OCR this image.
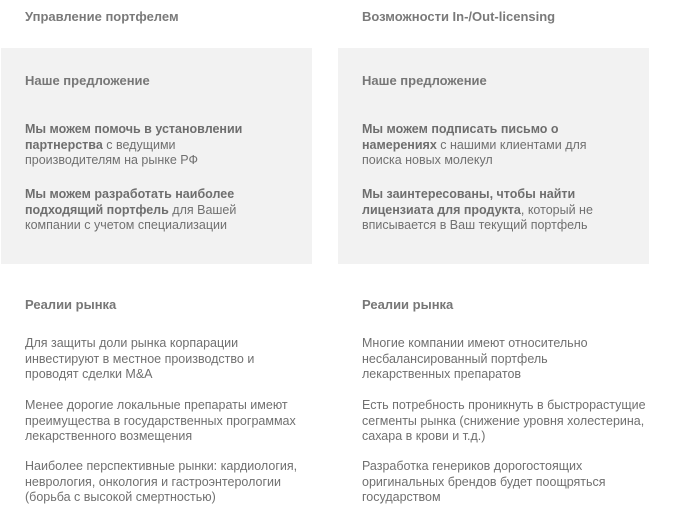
Управление портфелем
Наше предложение
Мы можем помочь в установлении партнерства с ведущими производителям на рынке РФ
Мы можем разработать наиболее подходящий портфель для Вашей компании с учетом специализации
Реалии рынка
Для защиты доли рынка корпарации инвестируют в местное производство и проводят сделки M&A
Менее дорогие локальные препараты имеют преимущества в государственных программах лекарственного возмещения
Наиболее перспективные рынки: кардиология, неврология, онкология и гастроэнтерологии (борьба с высокой смертностью)
Возможности In-/Out-licensing
Наше предложение
Мы можем подписать письмо о намерениях с нашими клиентами для поиска новых молекул
Мы заинтересованы, чтобы найти лицензиата для продукта, который не вписывается в Ваш текущий портфель
Реалии рынка
Многие компании имеют относительно несбалансированный портфель лекарственных препаратов
Есть потребность проникнуть в быстрорастущие сегменты рынка (снижение уровня холестерина, сахара в крови и т.д.)
Разработка генериков дорогостоящих оригинальных брендов будет поощряться государством
